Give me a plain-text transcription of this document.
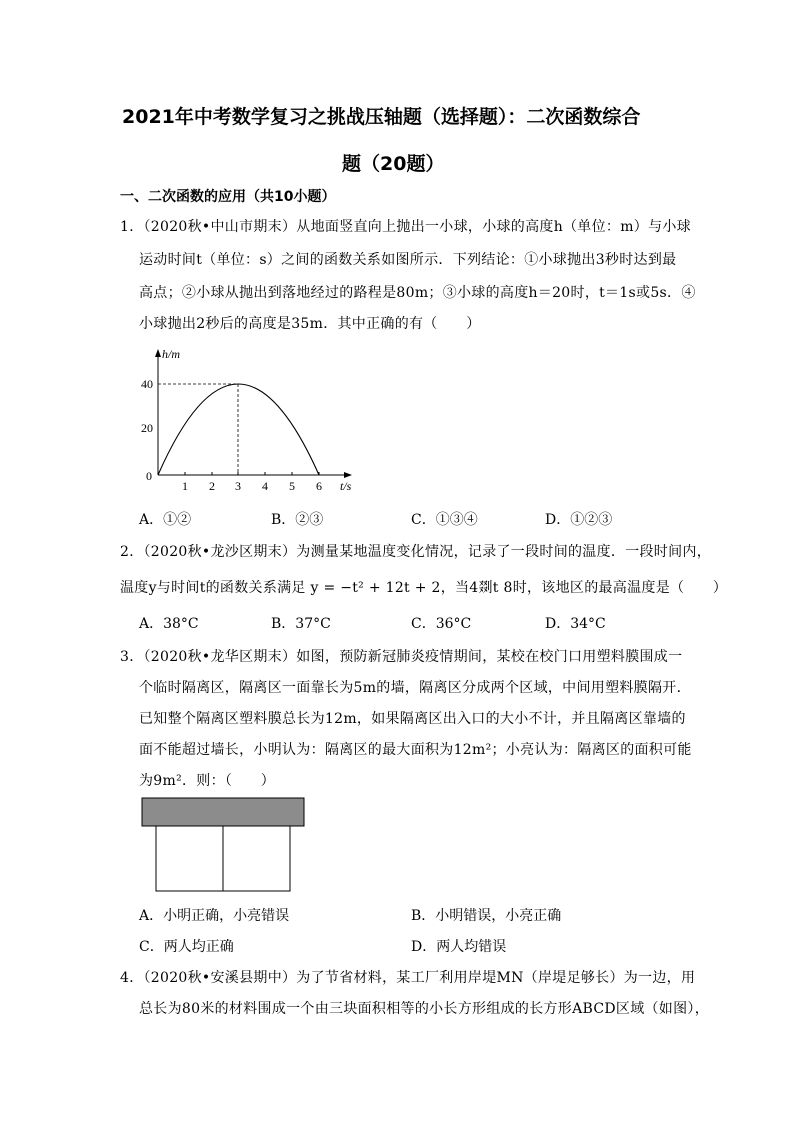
2021年中考数学复习之挑战压轴题（选择题）：二次函数综合
题（20题）
一、二次函数的应用（共10小题）
1．（2020秋•中山市期末）从地面竖直向上抛出一小球，小球的高度h（单位：m）与小球
运动时间t（单位：s）之间的函数关系如图所示．下列结论：①小球抛出3秒时达到最
高点；②小球从抛出到落地经过的路程是80m；③小球的高度h＝20时，t＝1s或5s．④
小球抛出2秒后的高度是35m．其中正确的有（　　）
h/m
t/s
0
40
20
1 2 3 4 5 6
A．①②	B．②③	C．①③④	D．①②③
2．（2020秋•龙沙区期末）为测量某地温度变化情况，记录了一段时间的温度．一段时间内，
温度y与时间t的函数关系满足 y = −t² + 12t + 2，当4剟t 8时，该地区的最高温度是（　　）
A．38°C	B．37°C	C．36°C	D．34°C
3．（2020秋•龙华区期末）如图，预防新冠肺炎疫情期间，某校在校门口用塑料膜围成一
个临时隔离区，隔离区一面靠长为5m的墙，隔离区分成两个区域，中间用塑料膜隔开．
已知整个隔离区塑料膜总长为12m，如果隔离区出入口的大小不计，并且隔离区靠墙的
面不能超过墙长，小明认为：隔离区的最大面积为12m²；小亮认为：隔离区的面积可能
为9m²．则：（　　）
A．小明正确，小亮错误	B．小明错误，小亮正确
C．两人均正确	D．两人均错误
4．（2020秋•安溪县期中）为了节省材料，某工厂利用岸堤MN（岸堤足够长）为一边，用
总长为80米的材料围成一个由三块面积相等的小长方形组成的长方形ABCD区域（如图），
